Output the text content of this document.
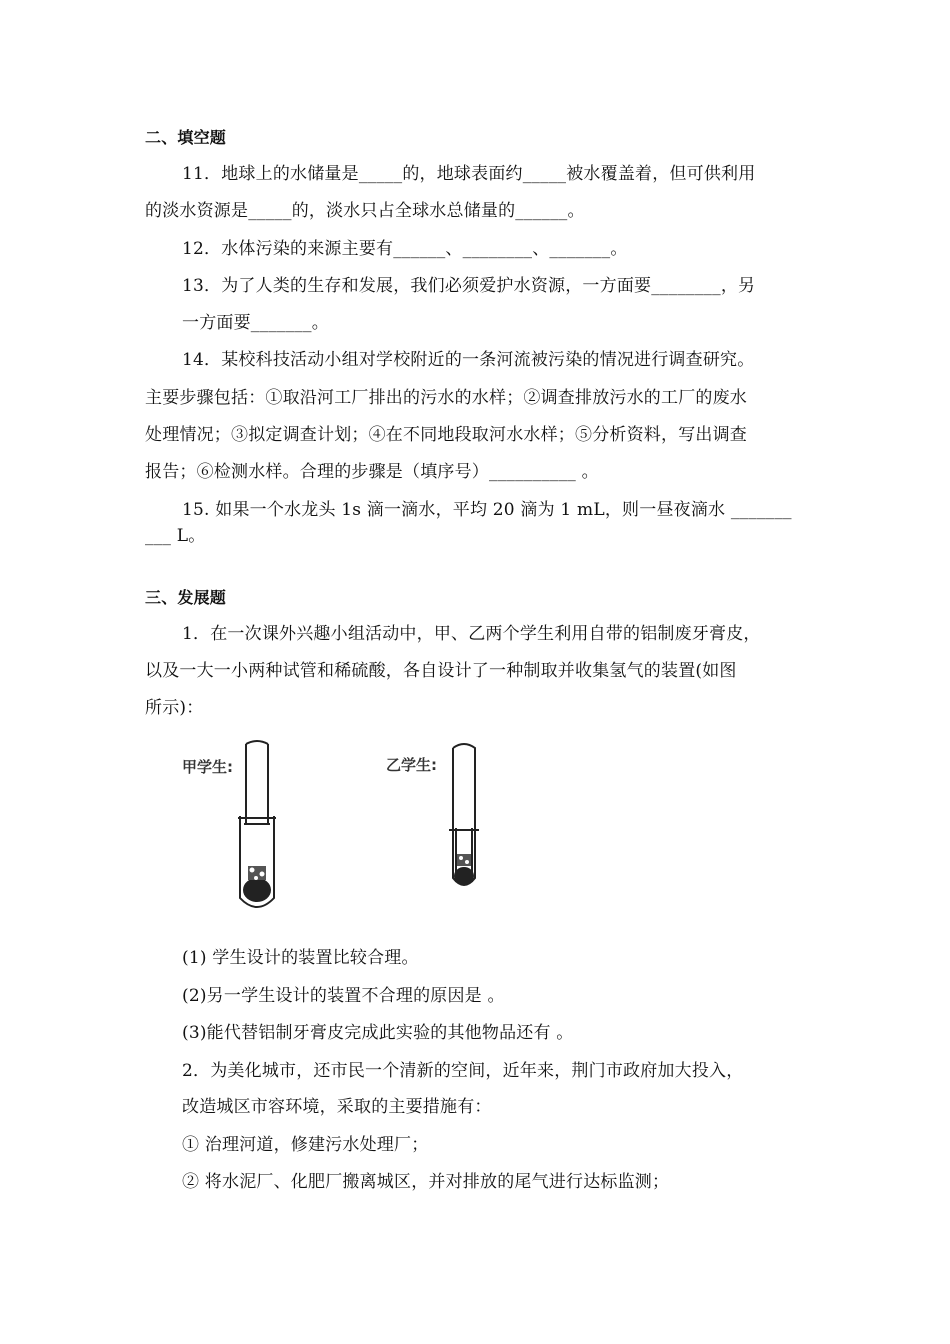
二、填空题
11．地球上的水储量是_____的，地球表面约_____被水覆盖着，但可供利用
的淡水资源是_____的，淡水只占全球水总储量的______。
12．水体污染的来源主要有______、________、_______。
13．为了人类的生存和发展，我们必须爱护水资源，一方面要________，另
一方面要_______。
14．某校科技活动小组对学校附近的一条河流被污染的情况进行调查研究。
主要步骤包括：①取沿河工厂排出的污水的水样；②调查排放污水的工厂的废水
处理情况；③拟定调查计划；④在不同地段取河水水样；⑤分析资料，写出调查
报告；⑥检测水样。合理的步骤是（填序号）__________ 。
15. 如果一个水龙头 1s 滴一滴水，平均 20 滴为 1 mL，则一昼夜滴水 _______
___ L。
三、发展题
1．在一次课外兴趣小组活动中，甲、乙两个学生利用自带的铝制废牙膏皮，
以及一大一小两种试管和稀硫酸，各自设计了一种制取并收集氢气的装置(如图
所示)：
甲学生:	乙学生:
(1) 学生设计的装置比较合理。
(2)另一学生设计的装置不合理的原因是 。
(3)能代替铝制牙膏皮完成此实验的其他物品还有 。
2．为美化城市，还市民一个清新的空间，近年来，荆门市政府加大投入，
改造城区市容环境，采取的主要措施有：
① 治理河道，修建污水处理厂；
② 将水泥厂、化肥厂搬离城区，并对排放的尾气进行达标监测；
